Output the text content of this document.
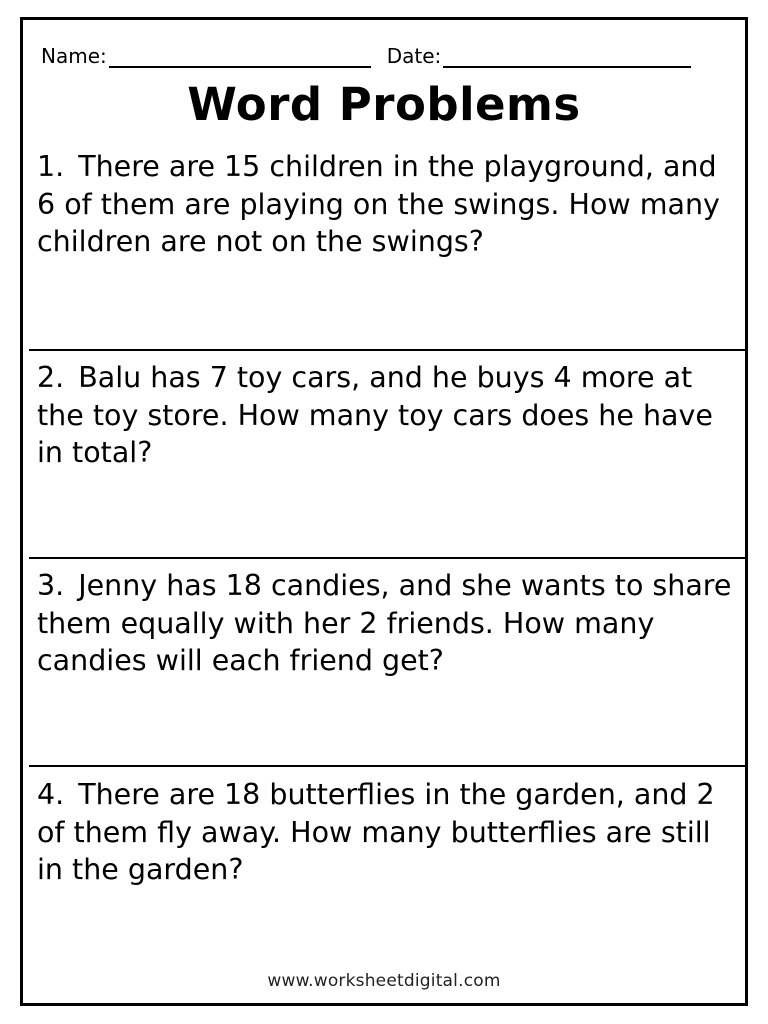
Name:	Date:
Word Problems
1. There are 15 children in the playground, and 6 of them are playing on the swings. How many children are not on the swings?
2. Balu has 7 toy cars, and he buys 4 more at the toy store. How many toy cars does he have in total?
3. Jenny has 18 candies, and she wants to share them equally with her 2 friends. How many candies will each friend get?
4. There are 18 butterflies in the garden, and 2 of them fly away. How many butterflies are still in the garden?
www.worksheetdigital.com
